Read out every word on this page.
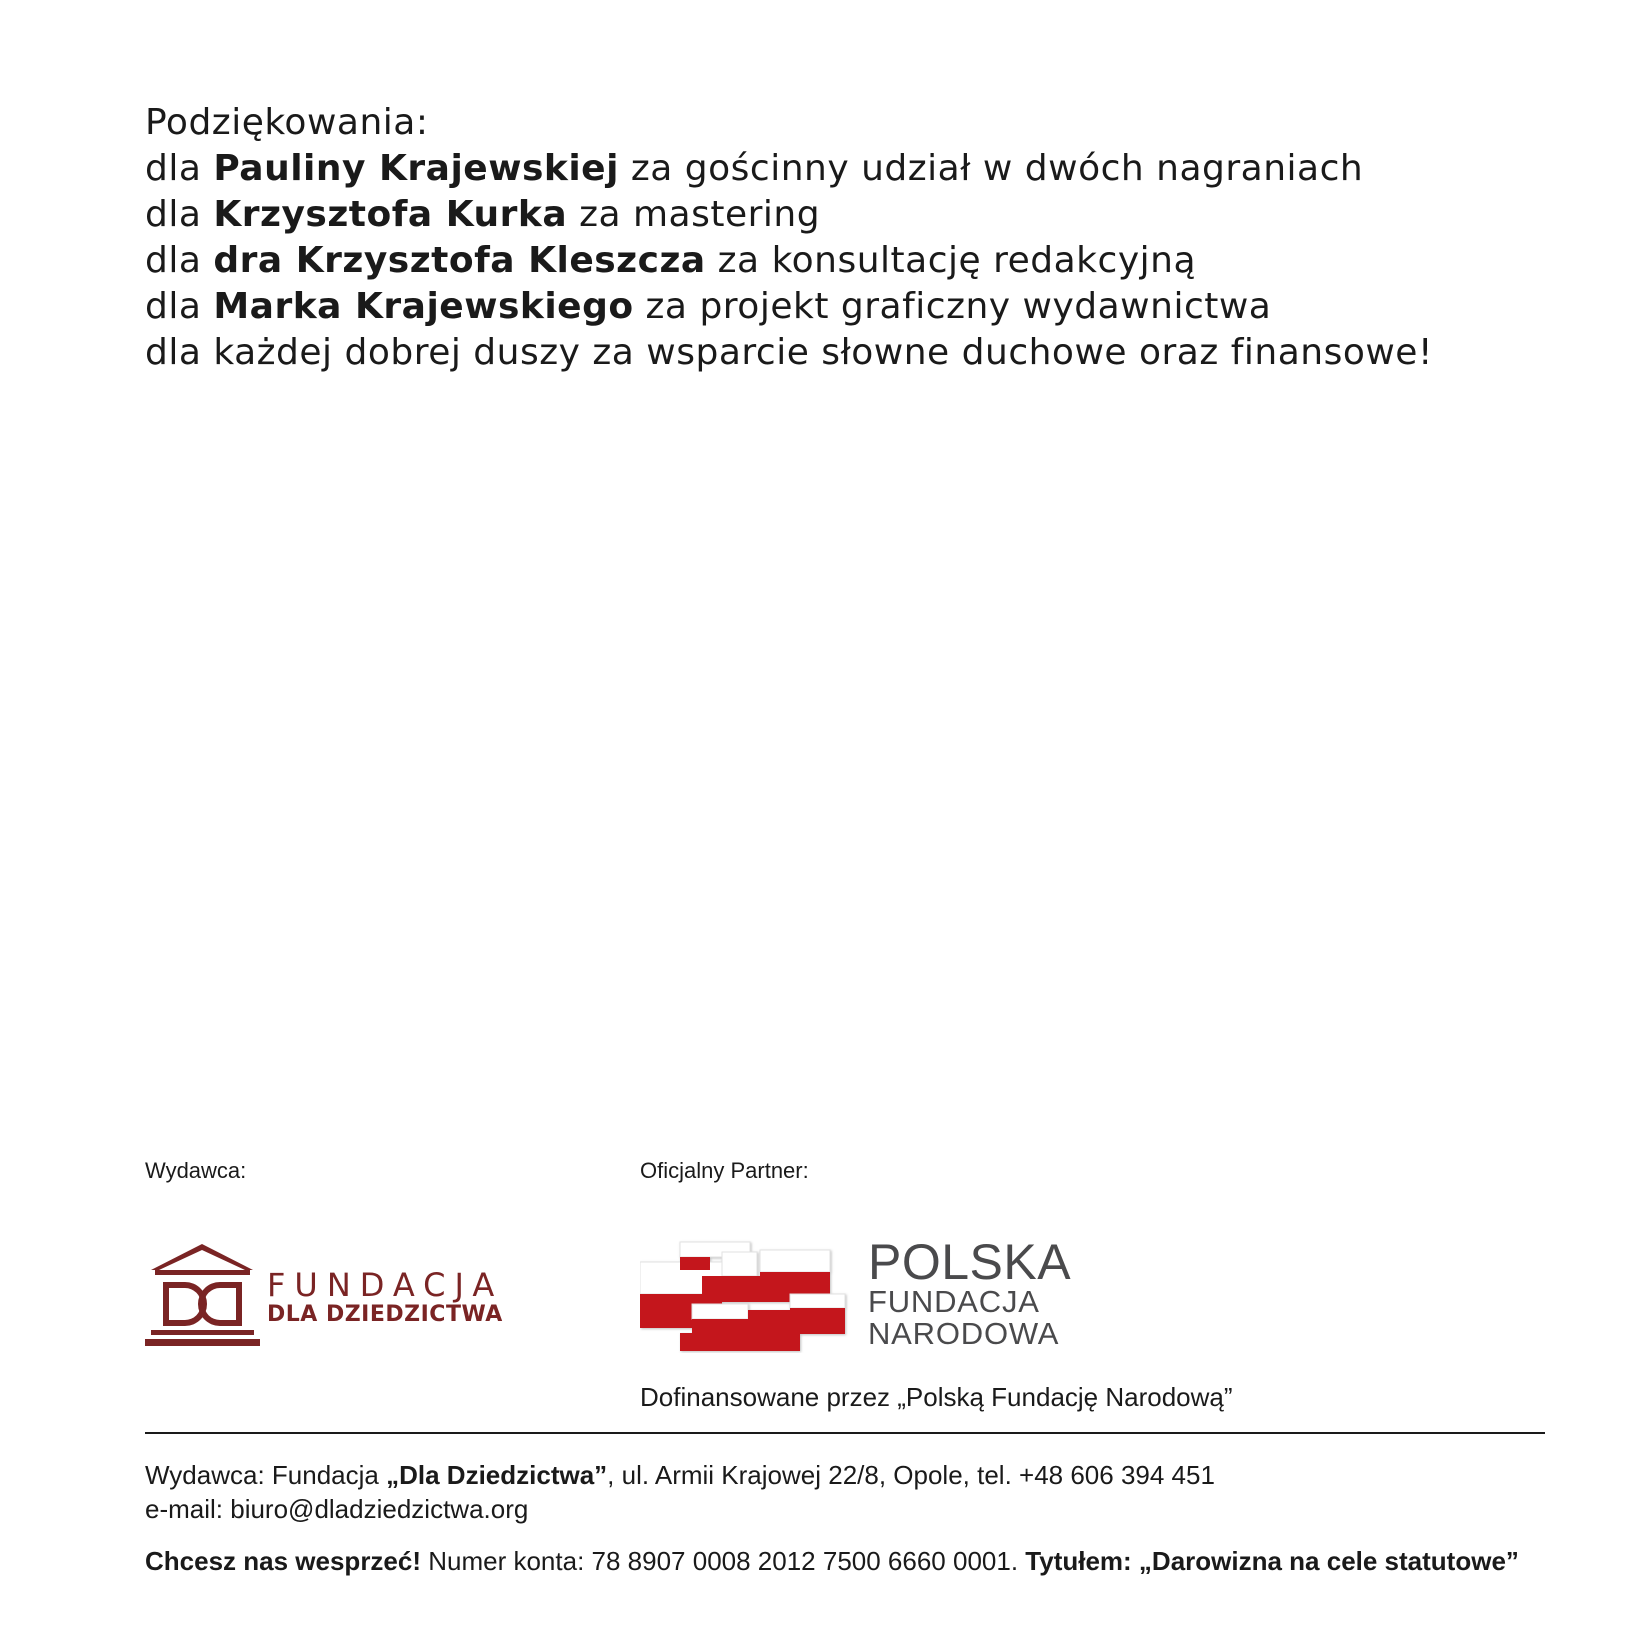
Podziękowania:
dla Pauliny Krajewskiej za gościnny udział w dwóch nagraniach
dla Krzysztofa Kurka za mastering
dla dra Krzysztofa Kleszcza za konsultację redakcyjną
dla Marka Krajewskiego za projekt graficzny wydawnictwa
dla każdej dobrej duszy za wsparcie słowne duchowe oraz finansowe!
Wydawca:	Oficjalny Partner:
FUNDACJA
DLA DZIEDZICTWA
POLSKA
FUNDACJA
NARODOWA
Dofinansowane przez „Polską Fundację Narodową”
Wydawca: Fundacja „Dla Dziedzictwa”, ul. Armii Krajowej 22/8, Opole, tel. +48 606 394 451
e-mail: biuro@dladziedzictwa.org
Chcesz nas wesprzeć! Numer konta: 78 8907 0008 2012 7500 6660 0001. Tytułem: „Darowizna na cele statutowe”
